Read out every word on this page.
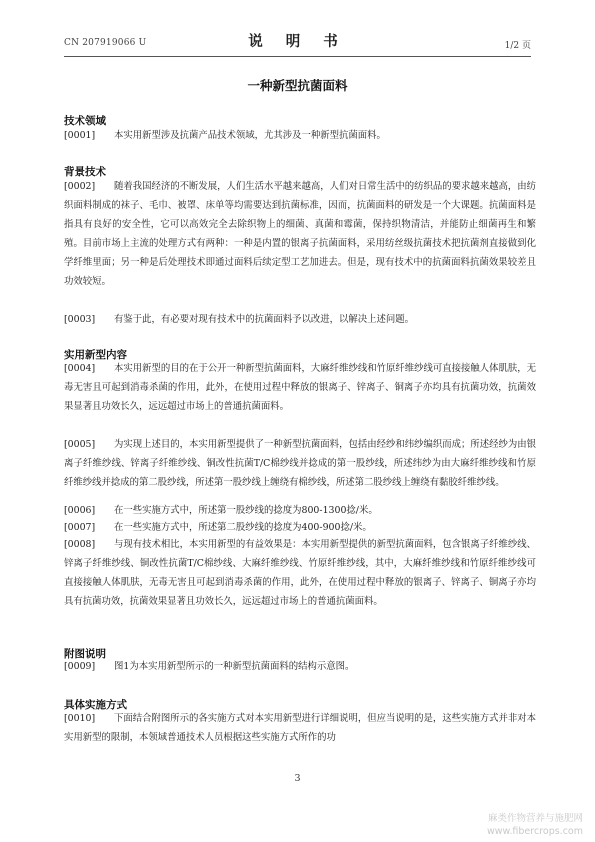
CN 207919066 U	说 明 书	1/2 页
一种新型抗菌面料
技术领域

[0001] 本实用新型涉及抗菌产品技术领域，尤其涉及一种新型抗菌面料。

背景技术

[0002] 随着我国经济的不断发展，人们生活水平越来越高，人们对日常生活中的纺织品的要求越来越高，由纺织面料制成的袜子、毛巾、被罩、床单等均需要达到抗菌标准，因而，抗菌面料的研发是一个大课题。抗菌面料是指具有良好的安全性，它可以高效完全去除织物上的细菌、真菌和霉菌，保持织物清洁，并能防止细菌再生和繁殖。目前市场上主流的处理方式有两种：一种是内置的银离子抗菌面料，采用纺丝级抗菌技术把抗菌剂直接做到化学纤维里面；另一种是后处理技术即通过面料后续定型工艺加进去。但是，现有技术中的抗菌面料抗菌效果较差且功效较短。

[0003] 有鉴于此，有必要对现有技术中的抗菌面料予以改进，以解决上述问题。

实用新型内容

[0004] 本实用新型的目的在于公开一种新型抗菌面料，大麻纤维纱线和竹原纤维纱线可直接接触人体肌肤，无毒无害且可起到消毒杀菌的作用，此外，在使用过程中释放的银离子、锌离子、铜离子亦均具有抗菌功效，抗菌效果显著且功效长久，远远超过市场上的普通抗菌面料。

[0005] 为实现上述目的，本实用新型提供了一种新型抗菌面料，包括由经纱和纬纱编织而成；所述经纱为由银离子纤维纱线、锌离子纤维纱线、铜改性抗菌T/C棉纱线并捻成的第一股纱线，所述纬纱为由大麻纤维纱线和竹原纤维纱线并捻成的第二股纱线，所述第一股纱线上缠绕有棉纱线，所述第二股纱线上缠绕有黏胶纤维纱线。

[0006] 在一些实施方式中，所述第一股纱线的捻度为800-1300捻/米。

[0007] 在一些实施方式中，所述第二股纱线的捻度为400-900捻/米。

[0008] 与现有技术相比，本实用新型的有益效果是：本实用新型提供的新型抗菌面料，包含银离子纤维纱线、锌离子纤维纱线、铜改性抗菌T/C棉纱线、大麻纤维纱线、竹原纤维纱线，其中，大麻纤维纱线和竹原纤维纱线可直接接触人体肌肤，无毒无害且可起到消毒杀菌的作用，此外，在使用过程中释放的银离子、锌离子、铜离子亦均具有抗菌功效，抗菌效果显著且功效长久，远远超过市场上的普通抗菌面料。

附图说明

[0009] 图1为本实用新型所示的一种新型抗菌面料的结构示意图。

具体实施方式

[0010] 下面结合附图所示的各实施方式对本实用新型进行详细说明，但应当说明的是，这些实施方式并非对本实用新型的限制，本领域普通技术人员根据这些实施方式所作的功

3
麻类作物营养与施肥网
www.fibercrops.com
